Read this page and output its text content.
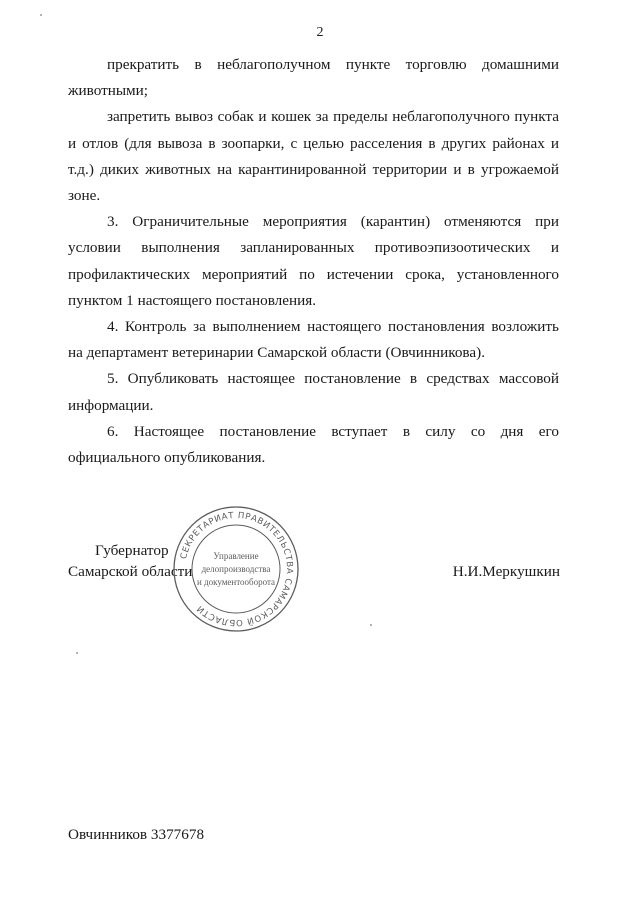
2

прекратить в неблагополучном пункте торговлю домашними животными;

запретить вывоз собак и кошек за пределы неблагополучного пункта и отлов (для вывоза в зоопарки, с целью расселения в других районах и т.д.) диких животных на карантинированной территории и в угрожаемой зоне.

3. Ограничительные мероприятия (карантин) отменяются при условии выполнения запланированных противоэпизоотических и профилактических мероприятий по истечении срока, установленного пунктом 1 настоящего постановления.

4. Контроль за выполнением настоящего постановления возложить на департамент ветеринарии Самарской области (Овчинникова).

5. Опубликовать настоящее постановление в средствах массовой информации.

6. Настоящее постановление вступает в силу со дня его официального опубликования.

Губернатор
Самарской области	Н.И.Меркушкин
СЕКРЕТАРИАТ ПРАВИТЕЛЬСТВА САМАРСКОЙ ОБЛАСТИ
Управление
делопроизводства
и документооборота
Овчинников 3377678
